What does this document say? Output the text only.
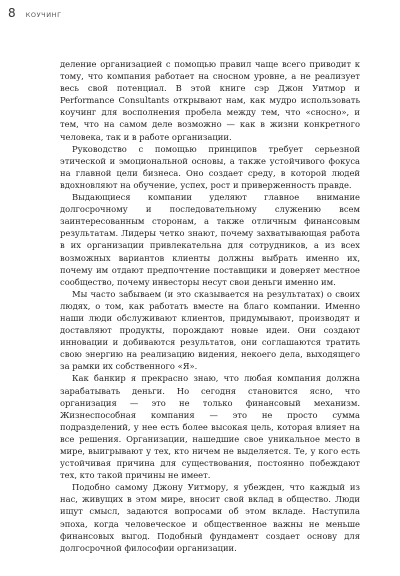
8 КОУЧИНГ

деление организацией с помощью правил чаще всего приводит к тому, что компания работает на сносном уровне, а не реализует весь свой потенциал. В этой книге сэр Джон Уитмор и Performance Consultants открывают нам, как мудро использовать коучинг для восполнения пробела между тем, что «сносно», и тем, что на самом деле возможно — как в жизни конкретного человека, так и в работе организации.

Руководство с помощью принципов требует серьезной этической и эмоциональной основы, а также устойчивого фокуса на главной цели бизнеса. Оно создает среду, в которой людей вдохновляют на обучение, успех, рост и приверженность правде.

Выдающиеся компании уделяют главное внимание долгосрочному и последовательному служению всем заинтересованным сторонам, а также отличным финансовым результатам. Лидеры четко знают, почему захватывающая работа в их организации привлекательна для сотрудников, а из всех возможных вариантов клиенты должны выбрать именно их, почему им отдают предпочтение поставщики и доверяет местное сообщество, почему инвесторы несут свои деньги именно им.

Мы часто забываем (и это сказывается на результатах) о своих людях, о том, как работать вместе на благо компании. Именно наши люди обслуживают клиентов, придумывают, производят и доставляют продукты, порождают новые идеи. Они создают инновации и добиваются результатов, они соглашаются тратить свою энергию на реализацию видения, некоего дела, выходящего за рамки их собственного «Я».

Как банкир я прекрасно знаю, что любая компания должна зарабатывать деньги. Но сегодня становится ясно, что организация — это не только финансовый механизм. Жизнеспособная компания — это не просто сумма подразделений, у нее есть более высокая цель, которая влияет на все решения. Организации, нашедшие свое уникальное место в мире, выигрывают у тех, кто ничем не выделяется. Те, у кого есть устойчивая причина для существования, постоянно побеждают тех, кто такой причины не имеет.

Подобно самому Джону Уитмору, я убежден, что каждый из нас, живущих в этом мире, вносит свой вклад в общество. Люди ищут смысл, задаются вопросами об этом вкладе. Наступила эпоха, когда человеческое и общественное важны не меньше финансовых выгод. Подобный фундамент создает основу для долгосрочной философии организации.
